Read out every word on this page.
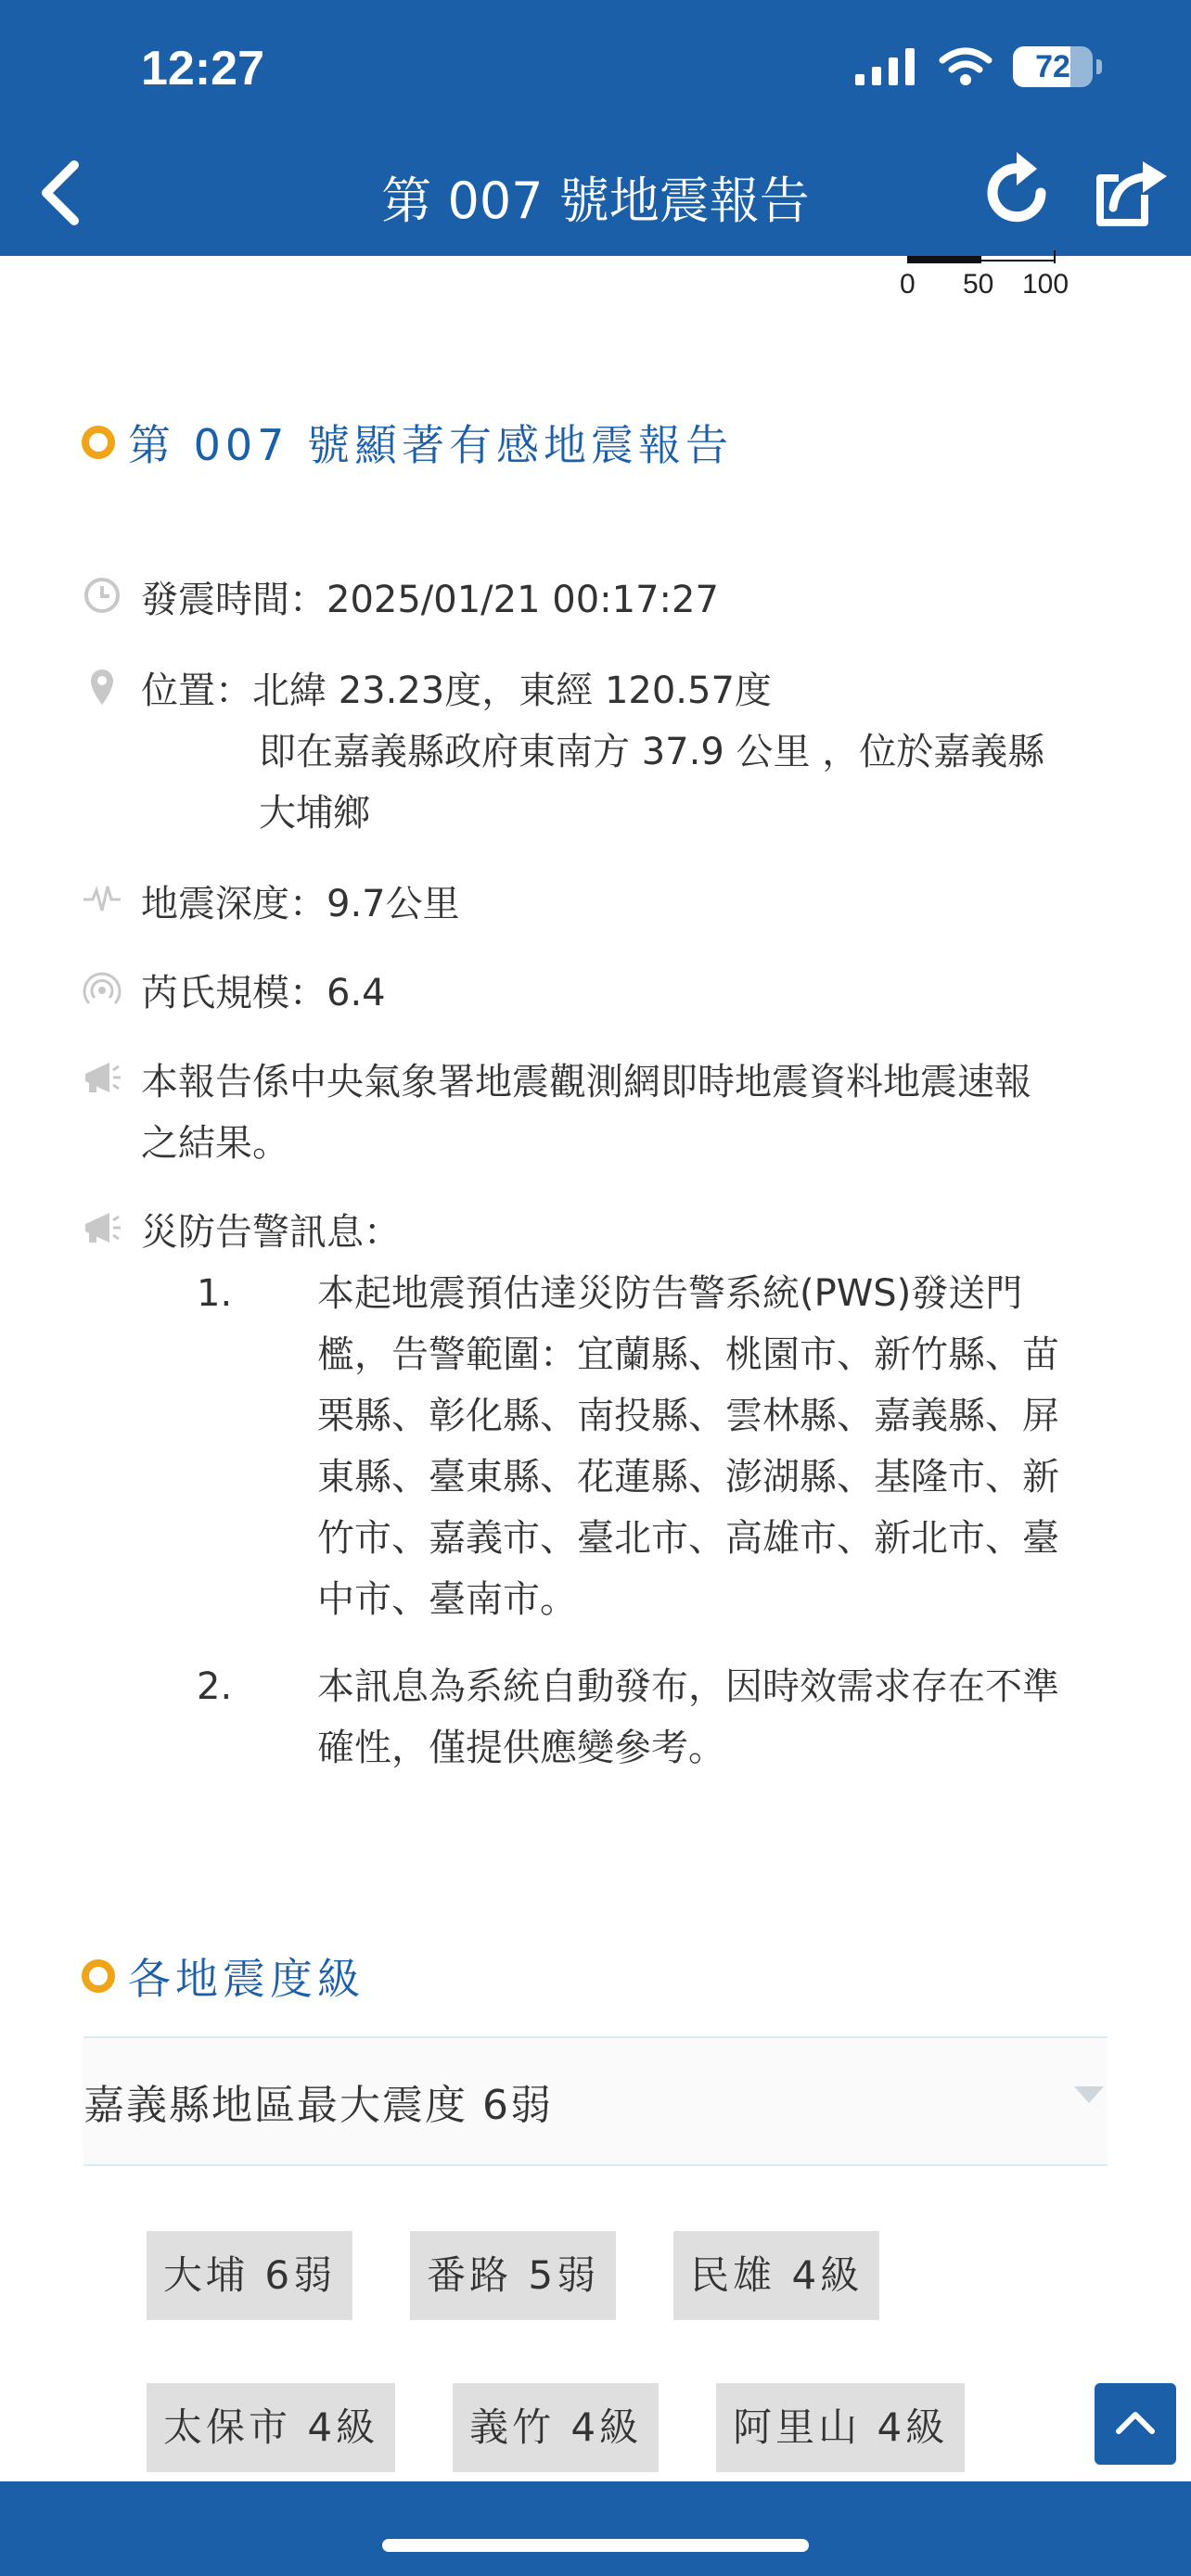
12:27	72
第 007 號地震報告
0 50 100
第 007 號顯著有感地震報告
發震時間：2025/01/21 00:17:27
位置：北緯 23.23度，東經 120.57度
即在嘉義縣政府東南方 37.9 公里 ，位於嘉義縣
大埔鄉
地震深度：9.7公里
芮氏規模：6.4
本報告係中央氣象署地震觀測網即時地震資料地震速報
之結果。
災防告警訊息：
1.	本起地震預估達災防告警系統(PWS)發送門
檻，告警範圍：宜蘭縣、桃園市、新竹縣、苗
栗縣、彰化縣、南投縣、雲林縣、嘉義縣、屏
東縣、臺東縣、花蓮縣、澎湖縣、基隆市、新
竹市、嘉義市、臺北市、高雄市、新北市、臺
中市、臺南市。
2.	本訊息為系統自動發布，因時效需求存在不準
確性，僅提供應變參考。
各地震度級
嘉義縣地區最大震度 6弱
大埔 6弱	番路 5弱	民雄 4級
太保市 4級	義竹 4級	阿里山 4級
